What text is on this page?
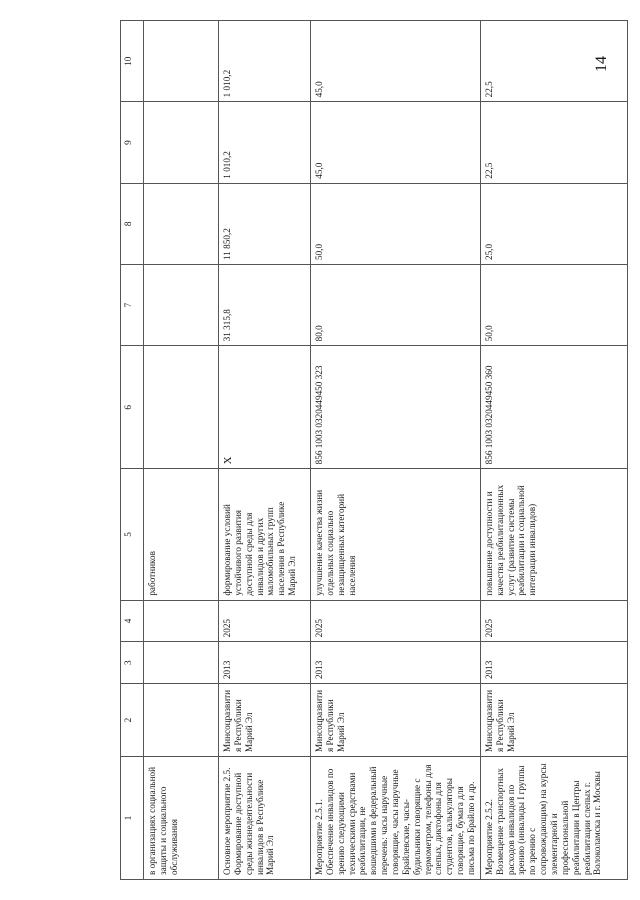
14
1	2	3	4	5	6	7	8	9	10
в организациях социальной защиты и социального обслуживания				работников					
Основное мероприятие 2.5. Формирование доступной среды жизнедеятельности инвалидов в Республике Марий Эл	Минсоцразвития Республики Марий Эл	2013	2025	формирование условий устойчивого развития доступной среды для инвалидов и других маломобильных групп населения в Республике Марий Эл	X	31 315,8	11 850,2	1 010,2	1 010,2
Мероприятие 2.5.1. Обеспечение инвалидов по зрению следующими техническими средствами реабилитации, не вошедшими в федеральный перечень: часы наручные говорящие, часы наручные Брайлевские, часы-будильники говорящие с термометром, телефоны для слепых, диктофоны для студентов, калькуляторы говорящие, бумага для письма по Брайлю и др.	Минсоцразвития Республики Марий Эл	2013	2025	улучшение качества жизни отдельных социально незащищенных категорий населения	856 1003 0320449450 323	80,0	50,0	45,0	45,0
Мероприятие 2.5.2. Возмещение транспортных расходов инвалидов по зрению (инвалиды I группы по зрению с сопровождающим) на курсы элементарной и профессиональной реабилитации в Центры реабилитации слепых г. Волоколамска и г. Москвы	Минсоцразвития Республики Марий Эл	2013	2025	повышение доступности и качества реабилитационных услуг (развитие системы реабилитации и социальной интеграции инвалидов)	856 1003 0320449450 360	50,0	25,0	22,5	22,5
